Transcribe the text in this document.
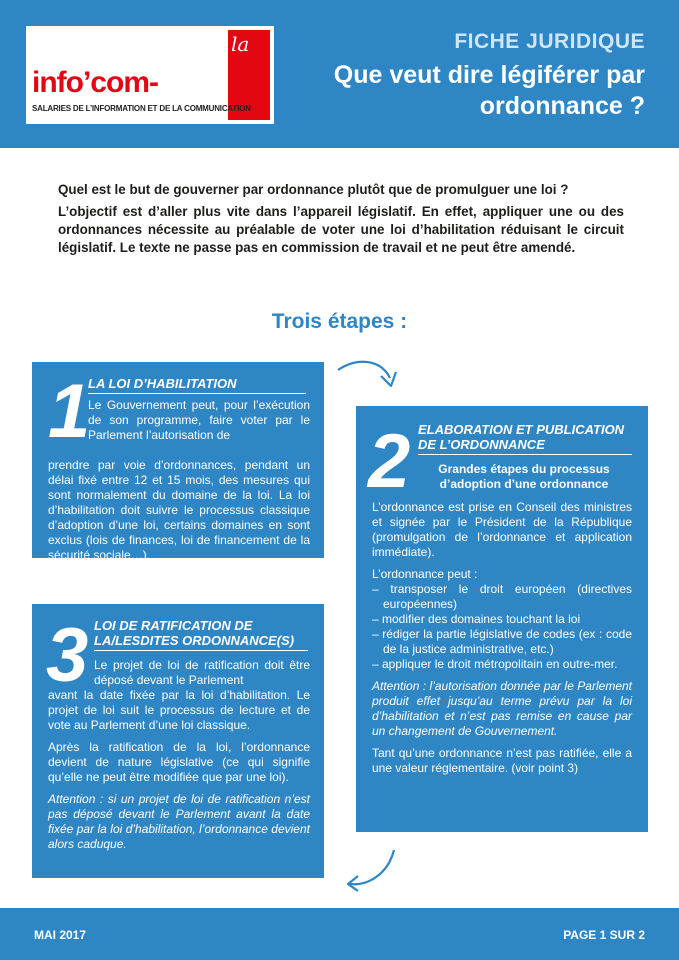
la
info’com-cgt
SALARIES DE L’INFORMATION ET DE LA COMMUNICATION
FICHE JURIDIQUE
Que veut dire légiférer par ordonnance ?

Quel est le but de gouverner par ordonnance plutôt que de promulguer une loi ?

L’objectif est d’aller plus vite dans l’appareil législatif. En effet, appliquer une ou des ordonnances nécessite au préalable de voter une loi d’habilitation réduisant le circuit législatif. Le texte ne passe pas en commission de travail et ne peut être amendé.

Trois étapes :
1
LA LOI D’HABILITATION
Le Gouvernement peut, pour l’exécution de son programme, faire voter par le Parlement l’autorisation de
prendre par voie d’ordonnances, pendant un délai fixé entre 12 et 15 mois, des mesures qui sont normalement du domaine de la loi. La loi d’habilitation doit suivre le processus classique d’adoption d’une loi, certains domaines en sont exclus (lois de finances, loi de financement de la sécurité sociale…).
2 ELABORATION ET PUBLICATION DE L’ORDONNANCE
Grandes étapes du processus d’adoption d’une ordonnance

L’ordonnance est prise en Conseil des ministres et signée par le Président de la République (promulgation de l’ordonnance et application immédiate).

L’ordonnance peut :
– transposer le droit européen (directives européennes)
– modifier des domaines touchant la loi
– rédiger la partie législative de codes (ex : code de la justice administrative, etc.)
– appliquer le droit métropolitain en outre-mer.

Attention : l’autorisation donnée par le Parlement produit effet jusqu’au terme prévu par la loi d’habilitation et n’est pas remise en cause par un changement de Gouvernement.

Tant qu’une ordonnance n’est pas ratifiée, elle a une valeur réglementaire. (voir point 3)

3 LOI DE RATIFICATION DE LA/LESDITES ORDONNANCE(S)
Le projet de loi de ratification doit être déposé devant le Parlement

avant la date fixée par la loi d’habilitation. Le projet de loi suit le processus de lecture et de vote au Parlement d’une loi classique.

Après la ratification de la loi, l’ordonnance devient de nature législative (ce qui signifie qu’elle ne peut être modifiée que par une loi).

Attention : si un projet de loi de ratification n’est pas déposé devant le Parlement avant la date fixée par la loi d’habilitation, l’ordonnance devient alors caduque.

MAI 2017	PAGE 1 SUR 2
